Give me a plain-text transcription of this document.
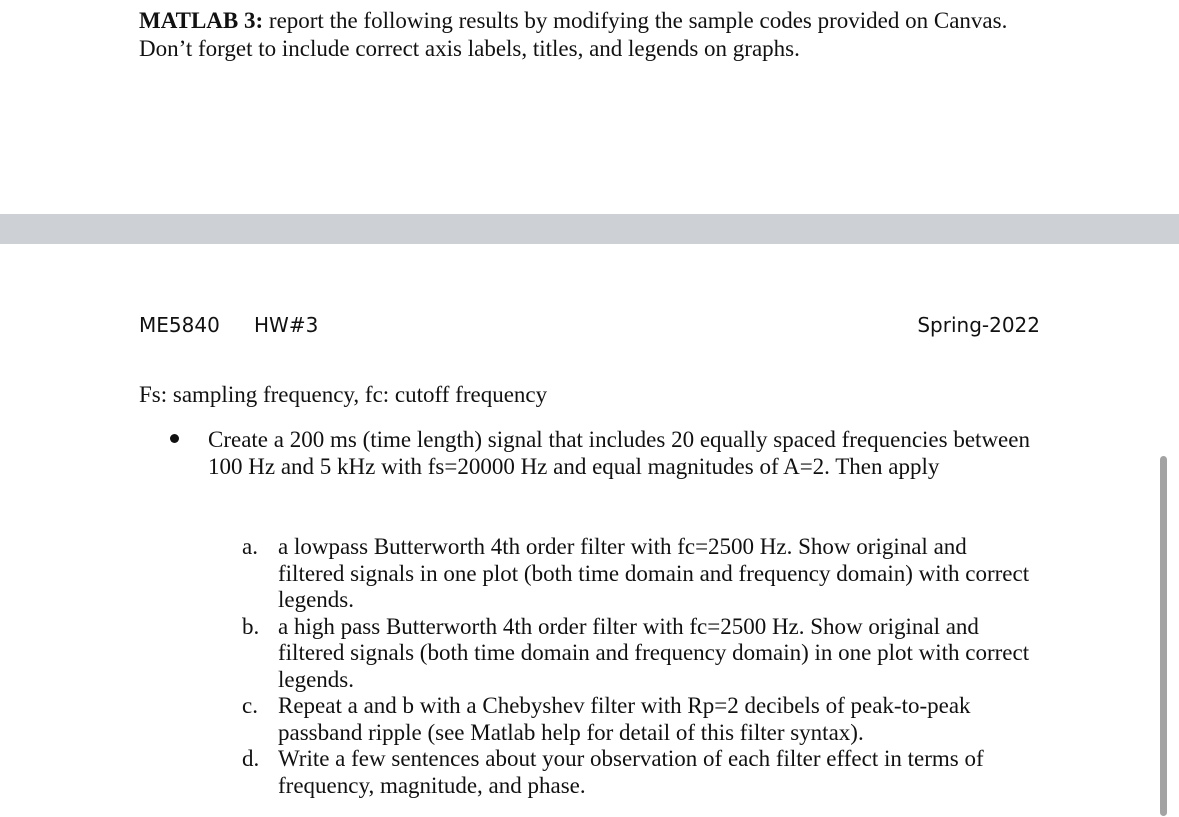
MATLAB 3: report the following results by modifying the sample codes provided on Canvas.
Don’t forget to include correct axis labels, titles, and legends on graphs.
ME5840 HW#3	Spring-2022
Fs: sampling frequency, fc: cutoff frequency
Create a 200 ms (time length) signal that includes 20 equally spaced frequencies between
100 Hz and 5 kHz with fs=20000 Hz and equal magnitudes of A=2. Then apply
a. a lowpass Butterworth 4th order filter with fc=2500 Hz. Show original and
filtered signals in one plot (both time domain and frequency domain) with correct
legends.
b. a high pass Butterworth 4th order filter with fc=2500 Hz. Show original and
filtered signals (both time domain and frequency domain) in one plot with correct
legends.
c. Repeat a and b with a Chebyshev filter with Rp=2 decibels of peak-to-peak
passband ripple (see Matlab help for detail of this filter syntax).
d. Write a few sentences about your observation of each filter effect in terms of
frequency, magnitude, and phase.
